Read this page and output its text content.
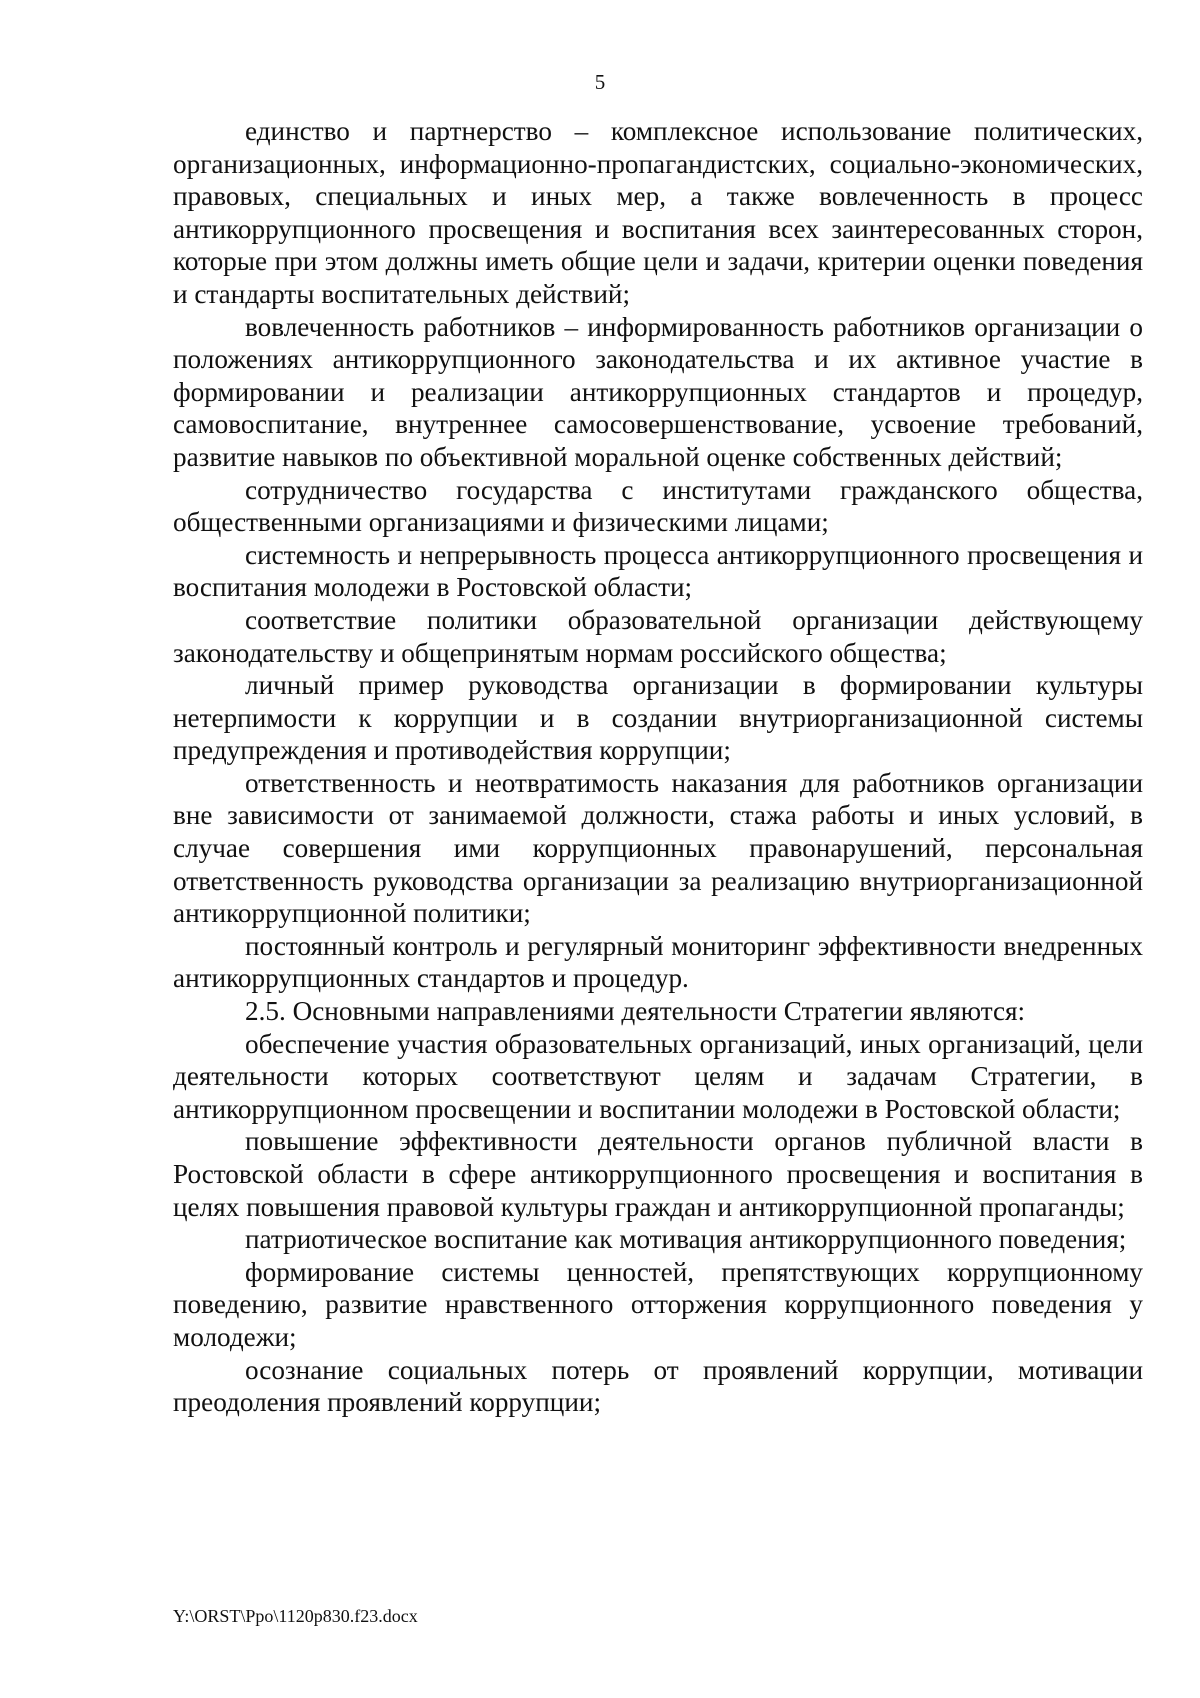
5

единство и партнерство – комплексное использование политических, организационных, информационно-пропагандистских, социально-экономических, правовых, специальных и иных мер, а также вовлеченность в процесс антикоррупционного просвещения и воспитания всех заинтересованных сторон, которые при этом должны иметь общие цели и задачи, критерии оценки поведения и стандарты воспитательных действий;

вовлеченность работников – информированность работников организации о положениях антикоррупционного законодательства и их активное участие в формировании и реализации антикоррупционных стандартов и процедур, самовоспитание, внутреннее самосовершенствование, усвоение требований, развитие навыков по объективной моральной оценке собственных действий;

сотрудничество государства с институтами гражданского общества, общественными организациями и физическими лицами;

системность и непрерывность процесса антикоррупционного просвещения и воспитания молодежи в Ростовской области;

соответствие политики образовательной организации действующему законодательству и общепринятым нормам российского общества;

личный пример руководства организации в формировании культуры нетерпимости к коррупции и в создании внутриорганизационной системы предупреждения и противодействия коррупции;

ответственность и неотвратимость наказания для работников организации вне зависимости от занимаемой должности, стажа работы и иных условий, в случае совершения ими коррупционных правонарушений, персональная ответственность руководства организации за реализацию внутриорганизационной антикоррупционной политики;

постоянный контроль и регулярный мониторинг эффективности внедренных антикоррупционных стандартов и процедур.

2.5. Основными направлениями деятельности Стратегии являются:

обеспечение участия образовательных организаций, иных организаций, цели деятельности которых соответствуют целям и задачам Стратегии, в антикоррупционном просвещении и воспитании молодежи в Ростовской области;

повышение эффективности деятельности органов публичной власти в Ростовской области в сфере антикоррупционного просвещения и воспитания в целях повышения правовой культуры граждан и антикоррупционной пропаганды;

патриотическое воспитание как мотивация антикоррупционного поведения;

формирование системы ценностей, препятствующих коррупционному поведению, развитие нравственного отторжения коррупционного поведения у молодежи;

осознание социальных потерь от проявлений коррупции, мотивации преодоления проявлений коррупции;

Y:\ORST\Ppo\1120p830.f23.docx
